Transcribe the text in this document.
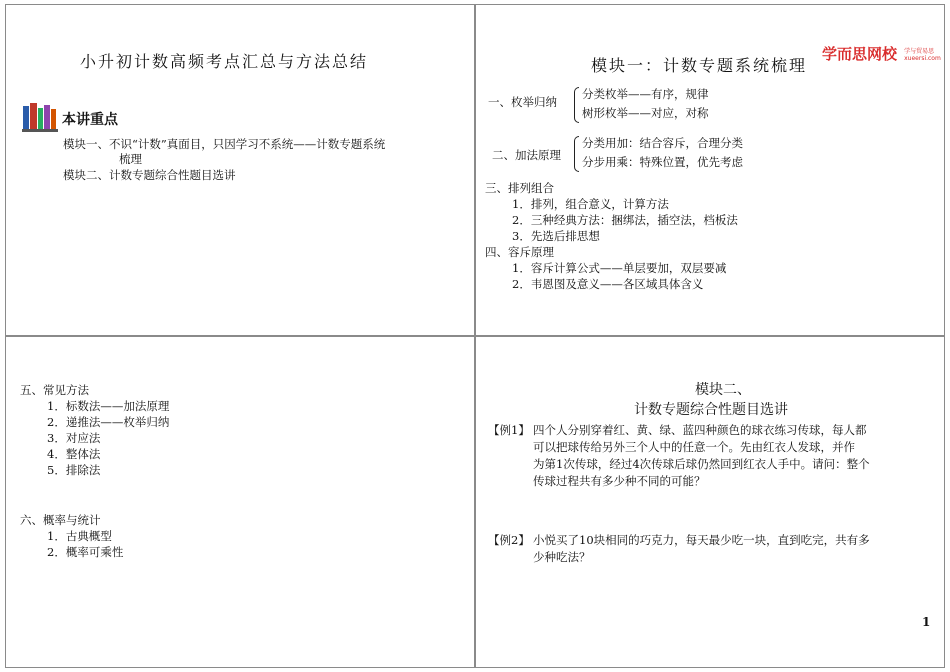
小升初计数高频考点汇总与方法总结
本讲重点
模块一、不识“计数”真面目，只因学习不系统——计数专题系统
梳理
模块二、计数专题综合性题目选讲
模块一：计数专题系统梳理
学而思网校 学与贸易思
xueersi.com
一、枚举归纳
分类枚举——有序，规律
树形枚举——对应，对称
二、加法原理
分类用加：结合容斥，合理分类
分步用乘：特殊位置，优先考虑
三、排列组合
1．排列，组合意义，计算方法
2．三种经典方法：捆绑法，插空法，档板法
3．先选后排思想
四、容斥原理
1．容斥计算公式——单层要加，双层要减
2．韦恩图及意义——各区域具体含义
五、常见方法
1．标数法——加法原理
2．递推法——枚举归纳
3．对应法
4．整体法
5．排除法
六、概率与统计
1．古典概型
2．概率可乘性
模块二、
计数专题综合性题目选讲
【例1】 四个人分别穿着红、黄、绿、蓝四种颜色的球衣练习传球，每人都
可以把球传给另外三个人中的任意一个。先由红衣人发球，并作
为第1次传球，经过4次传球后球仍然回到红衣人手中。请问：整个
传球过程共有多少种不同的可能？
【例2】 小悦买了10块相同的巧克力，每天最少吃一块，直到吃完，共有多
少种吃法？
1
